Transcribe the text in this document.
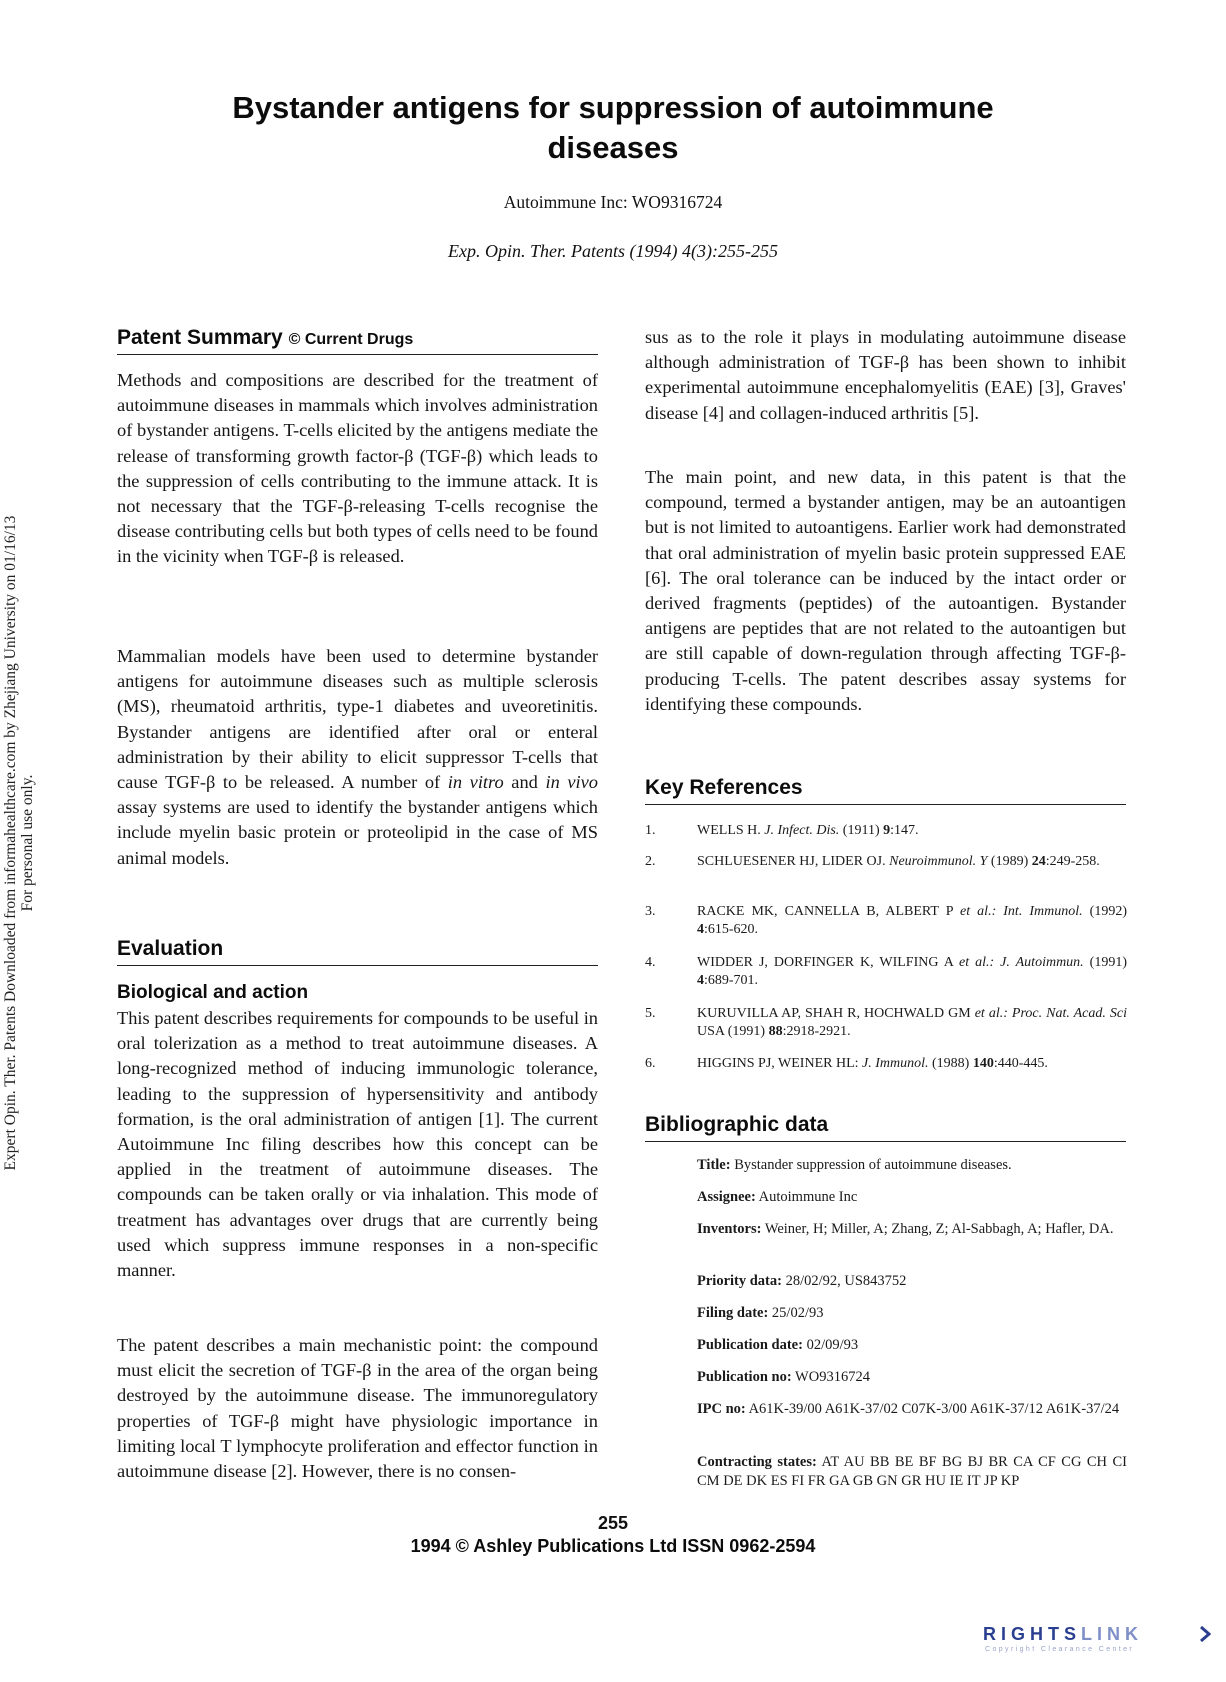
Bystander antigens for suppression of autoimmune
diseases
Autoimmune Inc: WO9316724
Exp. Opin. Ther. Patents (1994) 4(3):255-255
Expert Opin. Ther. Patents Downloaded from informahealthcare.com by Zhejiang University on 01/16/13 For personal use only.
Patent Summary © Current Drugs

Methods and compositions are described for the treatment of autoimmune diseases in mammals which involves administration of bystander antigens. T-cells elicited by the antigens mediate the release of transforming growth factor-β (TGF-β) which leads to the suppression of cells contributing to the immune attack. It is not necessary that the TGF-β-releasing T-cells recognise the disease contributing cells but both types of cells need to be found in the vicinity when TGF-β is released.

Mammalian models have been used to determine bystander antigens for autoimmune diseases such as multiple sclerosis (MS), rheumatoid arthritis, type-1 diabetes and uveoretinitis. Bystander antigens are identified after oral or enteral administration by their ability to elicit suppressor T-cells that cause TGF-β to be released. A number of in vitro and in vivo assay systems are used to identify the bystander antigens which include myelin basic protein or proteolipid in the case of MS animal models.

Evaluation
Biological and action

This patent describes requirements for compounds to be useful in oral tolerization as a method to treat autoimmune diseases. A long-recognized method of inducing immunologic tolerance, leading to the suppression of hypersensitivity and antibody formation, is the oral administration of antigen [1]. The current Autoimmune Inc filing describes how this concept can be applied in the treatment of autoimmune diseases. The compounds can be taken orally or via inhalation. This mode of treatment has advantages over drugs that are currently being used which suppress immune responses in a non-specific manner.

The patent describes a main mechanistic point: the compound must elicit the secretion of TGF-β in the area of the organ being destroyed by the autoimmune disease. The immunoregulatory properties of TGF-β might have physiologic importance in limiting local T lymphocyte proliferation and effector function in autoimmune disease [2]. However, there is no consen-

sus as to the role it plays in modulating autoimmune disease although administration of TGF-β has been shown to inhibit experimental autoimmune encephalomyelitis (EAE) [3], Graves' disease [4] and collagen-induced arthritis [5].

The main point, and new data, in this patent is that the compound, termed a bystander antigen, may be an autoantigen but is not limited to autoantigens. Earlier work had demonstrated that oral administration of myelin basic protein suppressed EAE [6]. The oral tolerance can be induced by the intact order or derived fragments (peptides) of the autoantigen. Bystander antigens are peptides that are not related to the autoantigen but are still capable of down-regulation through affecting TGF-β-producing T-cells. The patent describes assay systems for identifying these compounds.

Key References
1.	WELLS H. J. Infect. Dis. (1911) 9:147.
2.	SCHLUESENER HJ, LIDER OJ. Neuroimmunol. Y (1989) 24:249-258.
3.	RACKE MK, CANNELLA B, ALBERT P et al.: Int. Immunol. (1992) 4:615-620.
4.	WIDDER J, DORFINGER K, WILFING A et al.: J. Autoimmun. (1991) 4:689-701.
5.	KURUVILLA AP, SHAH R, HOCHWALD GM et al.: Proc. Nat. Acad. Sci USA (1991) 88:2918-2921.
6.	HIGGINS PJ, WEINER HL: J. Immunol. (1988) 140:440-445.
Bibliographic data
Title: Bystander suppression of autoimmune diseases.
Assignee: Autoimmune Inc
Inventors: Weiner, H; Miller, A; Zhang, Z; Al-Sabbagh, A; Hafler, DA.
Priority data: 28/02/92, US843752
Filing date: 25/02/93
Publication date: 02/09/93
Publication no: WO9316724
IPC no: A61K-39/00 A61K-37/02 C07K-3/00 A61K-37/12 A61K-37/24
Contracting states: AT AU BB BE BF BG BJ BR CA CF CG CH CI CM DE DK ES FI FR GA GB GN GR HU IE IT JP KP
255
1994 © Ashley Publications Ltd ISSN 0962-2594
RIGHTSLINK
Copyright Clearance Center
